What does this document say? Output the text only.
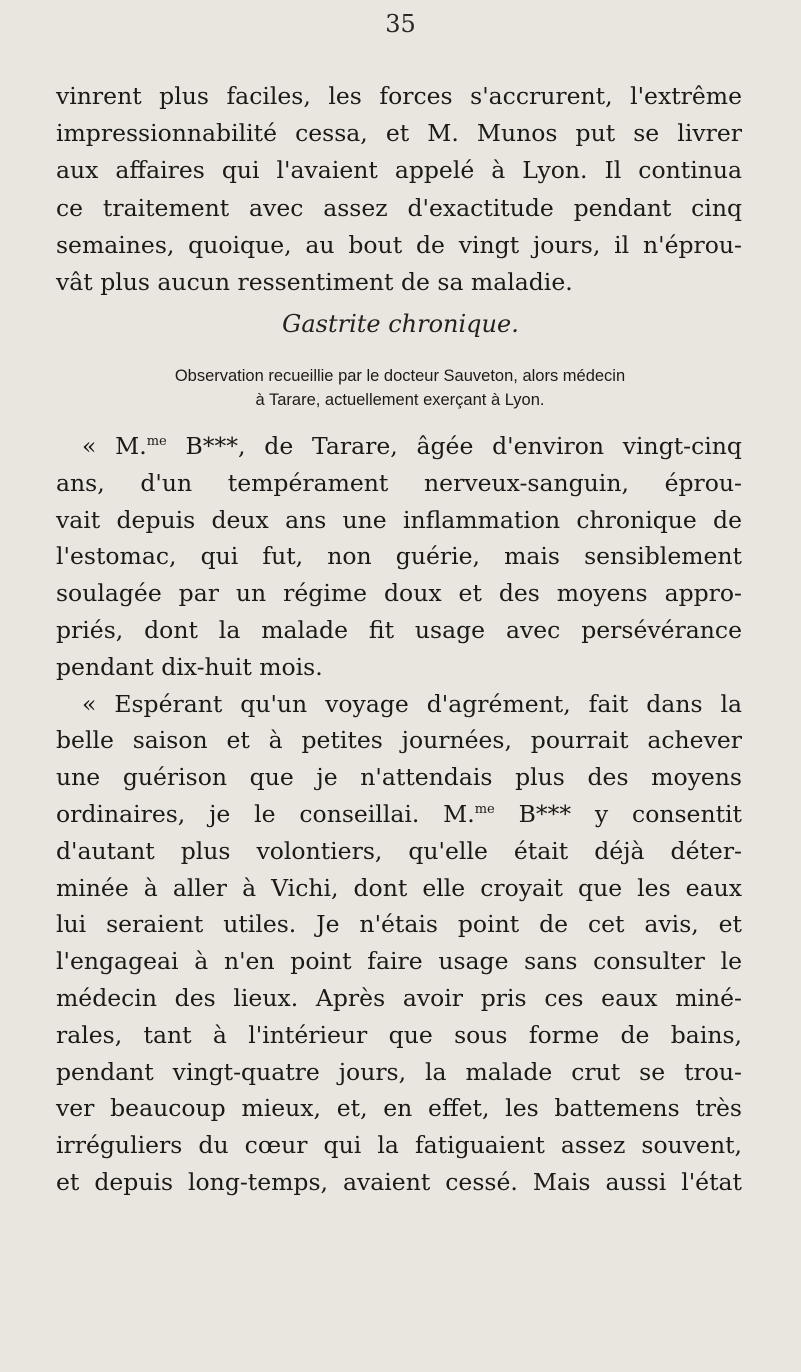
35
vinrent plus faciles, les forces s'accrurent, l'extrême
impressionnabilité cessa, et M. Munos put se livrer
aux affaires qui l'avaient appelé à Lyon. Il continua
ce traitement avec assez d'exactitude pendant cinq
semaines, quoique, au bout de vingt jours, il n'éprou-
vât plus aucun ressentiment de sa maladie.
Gastrite chronique.
Observation recueillie par le docteur Sauveton, alors médecin
à Tarare, actuellement exerçant à Lyon.
« M.$^{me}$ B***, de Tarare, âgée d'environ vingt-cinq
ans, d'un tempérament nerveux-sanguin, éprou-
vait depuis deux ans une inflammation chronique de
l'estomac, qui fut, non guérie, mais sensiblement
soulagée par un régime doux et des moyens appro-
priés, dont la malade fit usage avec persévérance
pendant dix-huit mois.
« Espérant qu'un voyage d'agrément, fait dans la
belle saison et à petites journées, pourrait achever
une guérison que je n'attendais plus des moyens
ordinaires, je le conseillai. M.$^{me}$ B*** y consentit
d'autant plus volontiers, qu'elle était déjà déter-
minée à aller à Vichi, dont elle croyait que les eaux
lui seraient utiles. Je n'étais point de cet avis, et
l'engageai à n'en point faire usage sans consulter le
médecin des lieux. Après avoir pris ces eaux miné-
rales, tant à l'intérieur que sous forme de bains,
pendant vingt-quatre jours, la malade crut se trou-
ver beaucoup mieux, et, en effet, les battemens très
irréguliers du cœur qui la fatiguaient assez souvent,
et depuis long-temps, avaient cessé. Mais aussi l'état
